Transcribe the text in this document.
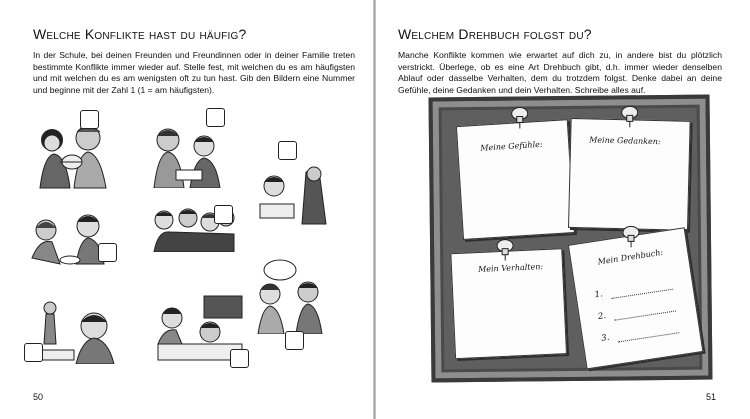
Welche Konflikte hast du häufig?

In der Schule, bei deinen Freunden und Freundinnen oder in deiner Familie treten bestimmte Konflikte immer wieder auf. Stelle fest, mit welchen du es am häufigsten und mit welchen du es am wenigsten oft zu tun hast. Gib den Bildern eine Nummer und beginne mit der Zahl 1 (1 = am häufigsten).

50
Welchem Drehbuch folgst du?

Manche Konflikte kommen wie erwartet auf dich zu, in andere bist du plötzlich verstrickt. Überlege, ob es eine Art Drehbuch gibt, d.h. immer wieder denselben Ablauf oder dasselbe Verhalten, dem du trotzdem folgst. Denke dabei an deine Gefühle, deine Gedanken und dein Verhalten. Schreibe alles auf.

Meine Gefühle:	Meine Gedanken:
Mein Verhalten:
Mein Drehbuch:
1.
2.
3.
51
